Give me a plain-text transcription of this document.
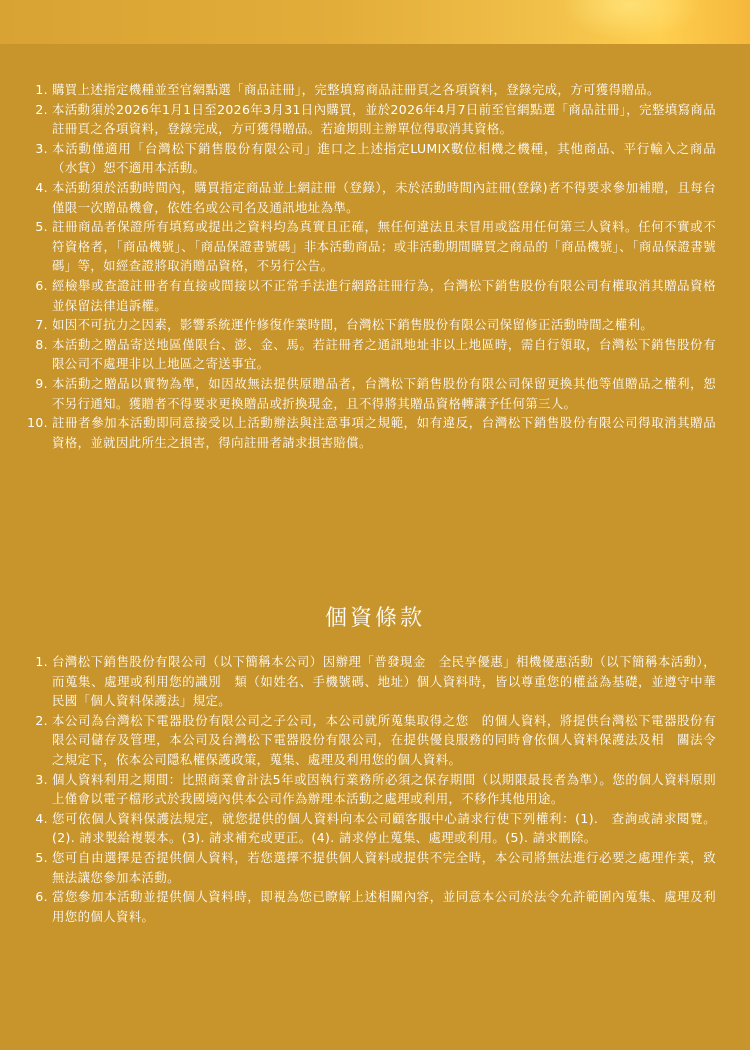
1. 購買上述指定機種並至官網點選「商品註冊」，完整填寫商品註冊頁之各項資料，登錄完成，方可獲得贈品。
2. 本活動須於2026年1月1日至2026年3月31日內購買，並於2026年4月7日前至官網點選「商品註冊」，完整填寫商品註冊頁之各項資料，登錄完成，方可獲得贈品。若逾期則主辦單位得取消其資格。
3. 本活動僅適用「台灣松下銷售股份有限公司」進口之上述指定LUMIX數位相機之機種，其他商品、平行輸入之商品（水貨）恕不適用本活動。
4. 本活動須於活動時間內，購買指定商品並上網註冊（登錄），未於活動時間內註冊(登錄)者不得要求參加補贈，且每台僅限一次贈品機會，依姓名或公司名及通訊地址為準。
5. 註冊商品者保證所有填寫或提出之資料均為真實且正確，無任何違法且未冒用或盜用任何第三人資料。任何不實或不符資格者，「商品機號」、「商品保證書號碼」非本活動商品；或非活動期間購買之商品的「商品機號」、「商品保證書號碼」等，如經查證將取消贈品資格，不另行公告。
6. 經檢舉或查證註冊者有直接或間接以不正常手法進行網路註冊行為，台灣松下銷售股份有限公司有權取消其贈品資格並保留法律追訴權。
7. 如因不可抗力之因素，影響系統運作修復作業時間，台灣松下銷售股份有限公司保留修正活動時間之權利。
8. 本活動之贈品寄送地區僅限台、澎、金、馬。若註冊者之通訊地址非以上地區時，需自行領取，台灣松下銷售股份有限公司不處理非以上地區之寄送事宜。
9. 本活動之贈品以實物為準，如因故無法提供原贈品者，台灣松下銷售股份有限公司保留更換其他等值贈品之權利，恕不另行通知。獲贈者不得要求更換贈品或折換現金，且不得將其贈品資格轉讓予任何第三人。
10. 註冊者參加本活動即同意接受以上活動辦法與注意事項之規範，如有違反，台灣松下銷售股份有限公司得取消其贈品資格，並就因此所生之損害，得向註冊者請求損害賠償。
個資條款
1. 台灣松下銷售股份有限公司（以下簡稱本公司）因辦理「普發現金　全民享優惠」相機優惠活動（以下簡稱本活動），而蒐集、處理或利用您的識別　類（如姓名、手機號碼、地址）個人資料時，皆以尊重您的權益為基礎，並遵守中華民國「個人資料保護法」規定。
2. 本公司為台灣松下電器股份有限公司之子公司，本公司就所蒐集取得之您　的個人資料，將提供台灣松下電器股份有限公司儲存及管理，本公司及台灣松下電器股份有限公司，在提供優良服務的同時會依個人資料保護法及相　關法令之規定下，依本公司隱私權保護政策，蒐集、處理及利用您的個人資料。
3. 個人資料利用之期間：比照商業會計法5年或因執行業務所必須之保存期間（以期限最長者為準）。您的個人資料原則上僅會以電子檔形式於我國境內供本公司作為辦理本活動之處理或利用，不移作其他用途。
4. 您可依個人資料保護法規定，就您提供的個人資料向本公司顧客服中心請求行使下列權利：(1).　查詢或請求閱覽。(2). 請求製給複製本。(3). 請求補充或更正。(4). 請求停止蒐集、處理或利用。(5). 請求刪除。
5. 您可自由選擇是否提供個人資料，若您選擇不提供個人資料或提供不完全時，本公司將無法進行必要之處理作業，致無法讓您參加本活動。
6. 當您參加本活動並提供個人資料時，即視為您已瞭解上述相關內容，並同意本公司於法令允許範圍內蒐集、處理及利用您的個人資料。
